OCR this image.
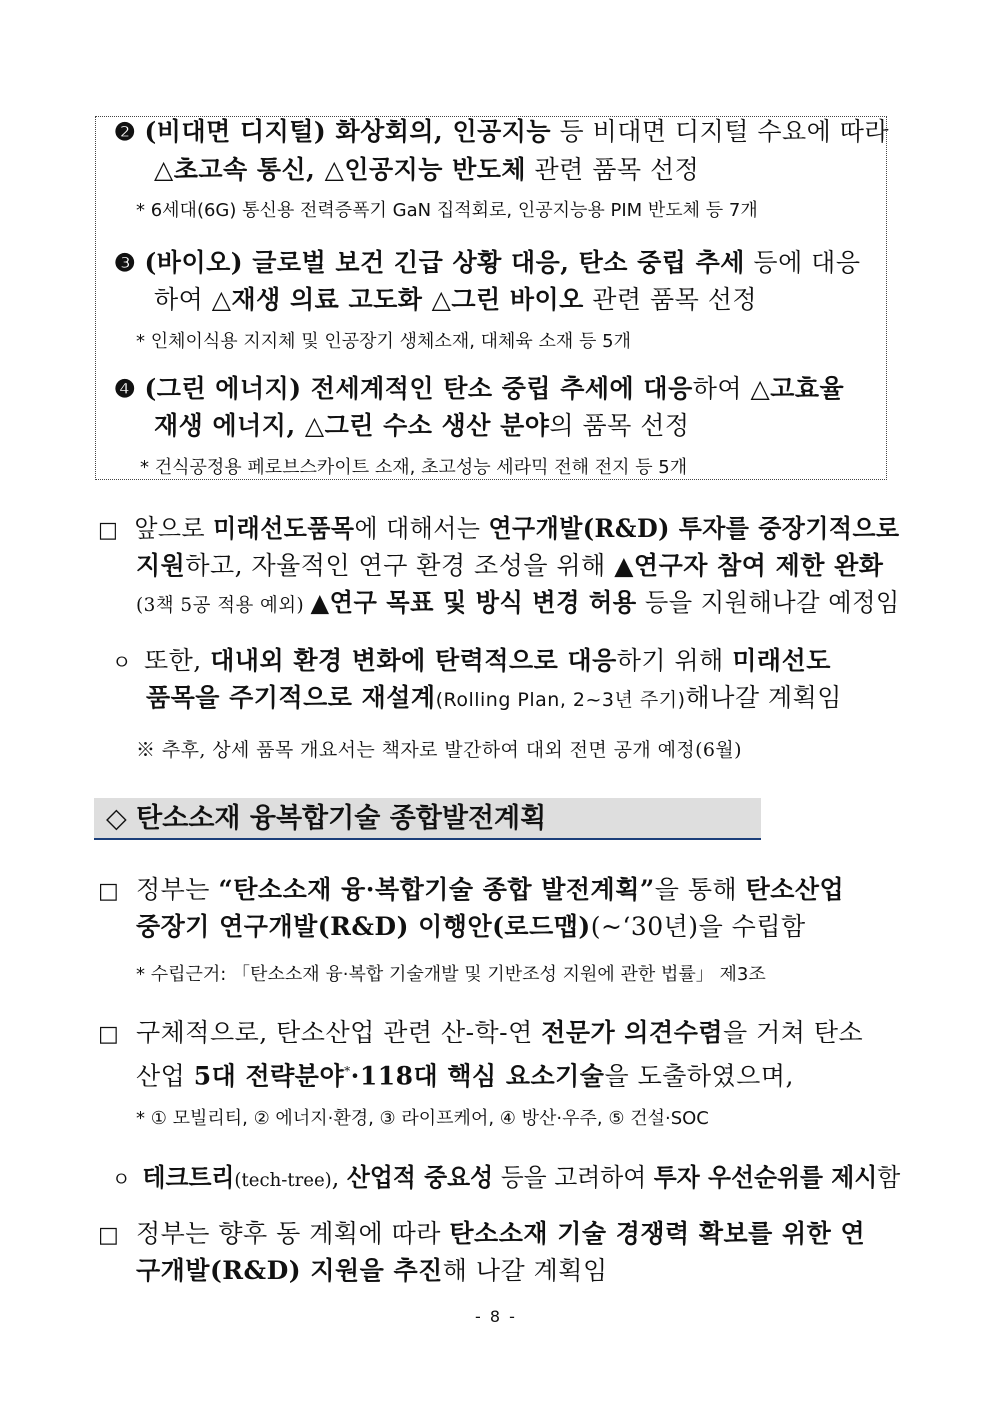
❷ (비대면 디지털) 화상회의, 인공지능 등 비대면 디지털 수요에 따라
△초고속 통신, △인공지능 반도체 관련 품목 선정
* 6세대(6G) 통신용 전력증폭기 GaN 집적회로, 인공지능용 PIM 반도체 등 7개
❸ (바이오) 글로벌 보건 긴급 상황 대응, 탄소 중립 추세 등에 대응
하여 △재생 의료 고도화 △그린 바이오 관련 품목 선정
* 인체이식용 지지체 및 인공장기 생체소재, 대체육 소재 등 5개
❹ (그린 에너지) 전세계적인 탄소 중립 추세에 대응하여 △고효율
재생 에너지, △그린 수소 생산 분야의 품목 선정
* 건식공정용 페로브스카이트 소재, 초고성능 세라믹 전해 전지 등 5개
□ 앞으로 미래선도품목에 대해서는 연구개발(R&D) 투자를 중장기적으로
지원하고, 자율적인 연구 환경 조성을 위해 ▲연구자 참여 제한 완화
(3책 5공 적용 예외) ▲연구 목표 및 방식 변경 허용 등을 지원해나갈 예정임
ㅇ 또한, 대내외 환경 변화에 탄력적으로 대응하기 위해 미래선도
품목을 주기적으로 재설계(Rolling Plan, 2~3년 주기)해나갈 계획임
※ 추후, 상세 품목 개요서는 책자로 발간하여 대외 전면 공개 예정(6월)
◇ 탄소소재 융복합기술 종합발전계획
□ 정부는 “탄소소재 융·복합기술 종합 발전계획”을 통해 탄소산업
중장기 연구개발(R&D) 이행안(로드맵)(~‘30년)을 수립함
* 수립근거: 「탄소소재 융·복합 기술개발 및 기반조성 지원에 관한 법률」 제3조
□ 구체적으로, 탄소산업 관련 산-학-연 전문가 의견수렴을 거쳐 탄소
산업 5대 전략분야*·118대 핵심 요소기술을 도출하였으며,
* ① 모빌리티, ② 에너지·환경, ③ 라이프케어, ④ 방산·우주, ⑤ 건설·SOC
ㅇ 테크트리(tech-tree), 산업적 중요성 등을 고려하여 투자 우선순위를 제시함
□ 정부는 향후 동 계획에 따라 탄소소재 기술 경쟁력 확보를 위한 연
구개발(R&D) 지원을 추진해 나갈 계획임
- 8 -
